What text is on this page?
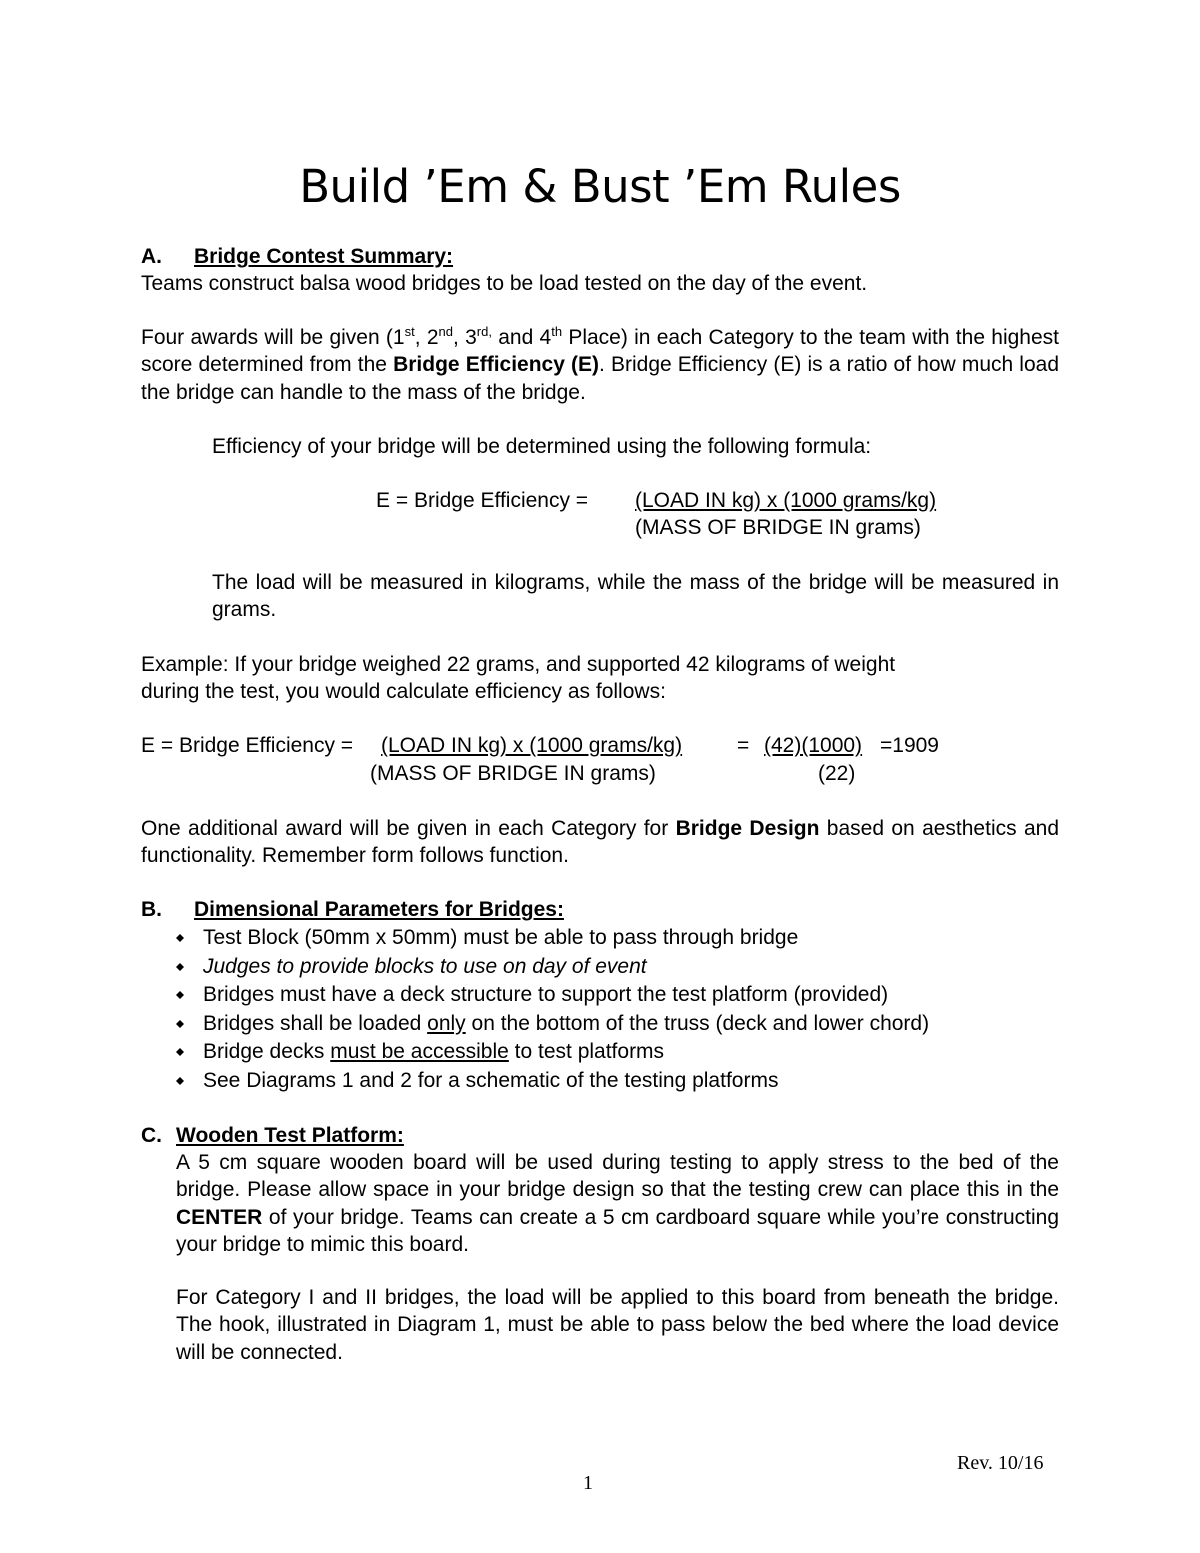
Build ’Em & Bust ’Em Rules
A. Bridge Contest Summary:
Teams construct balsa wood bridges to be load tested on the day of the event.
Four awards will be given (1st, 2nd, $3^{rd,}$ and 4th Place) in each Category to the team with the highest score determined from the Bridge Efficiency (E). Bridge Efficiency (E) is a ratio of how much load the bridge can handle to the mass of the bridge.
Efficiency of your bridge will be determined using the following formula:
E = Bridge Efficiency = (LOAD IN kg) x (1000 grams/kg)
(MASS OF BRIDGE IN grams)
The load will be measured in kilograms, while the mass of the bridge will be measured in grams.
Example: If your bridge weighed 22 grams, and supported 42 kilograms of weight
during the test, you would calculate efficiency as follows:
E = Bridge Efficiency = (LOAD IN kg) x (1000 grams/kg)	= (42)(1000) =1909
(MASS OF BRIDGE IN grams)	(22)
One additional award will be given in each Category for Bridge Design based on aesthetics and functionality. Remember form follows function.
B. Dimensional Parameters for Bridges:
Test Block (50mm x 50mm) must be able to pass through bridge
Judges to provide blocks to use on day of event
Bridges must have a deck structure to support the test platform (provided)
Bridges shall be loaded only on the bottom of the truss (deck and lower chord)
Bridge decks must be accessible to test platforms
See Diagrams 1 and 2 for a schematic of the testing platforms
C. Wooden Test Platform:
A 5 cm square wooden board will be used during testing to apply stress to the bed of the bridge. Please allow space in your bridge design so that the testing crew can place this in the CENTER of your bridge. Teams can create a 5 cm cardboard square while you’re constructing your bridge to mimic this board.
For Category I and II bridges, the load will be applied to this board from beneath the bridge. The hook, illustrated in Diagram 1, must be able to pass below the bed where the load device will be connected.
Rev. 10/16
1
